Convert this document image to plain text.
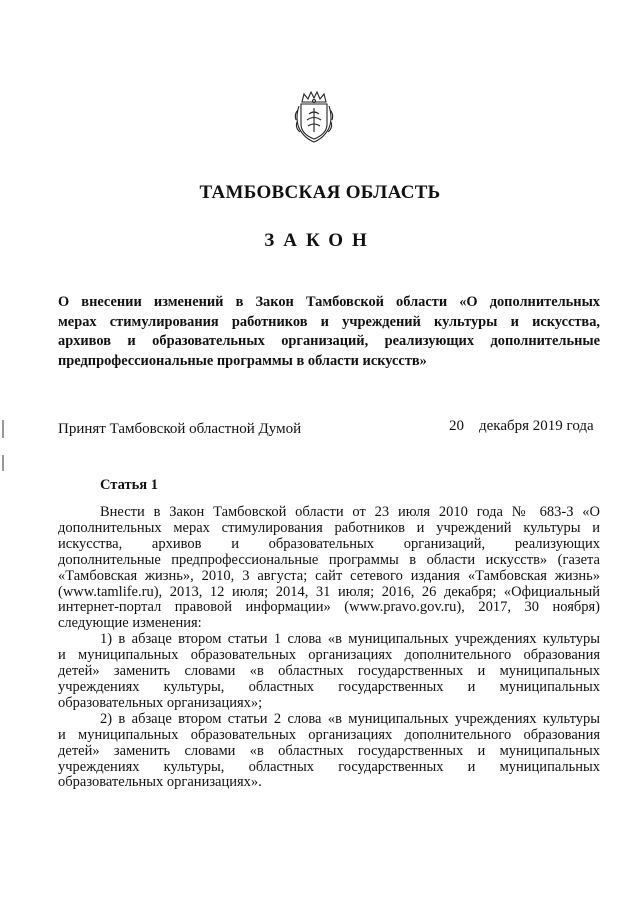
ТАМБОВСКАЯ ОБЛАСТЬ
ЗАКОН
О внесении изменений в Закон Тамбовской области «О дополнительных
мерах стимулирования работников и учреждений культуры и искусства,
архивов и образовательных организаций, реализующих дополнительные
предпрофессиональные программы в области искусств»
Принят Тамбовской областной Думой	20 декабря 2019 года
Статья 1
Внести в Закон Тамбовской области от 23 июля 2010 года № 683-З «О
дополнительных мерах стимулирования работников и учреждений культуры и
искусства, архивов и образовательных организаций, реализующих
дополнительные предпрофессиональные программы в области искусств» (газета
«Тамбовская жизнь», 2010, 3 августа; сайт сетевого издания «Тамбовская жизнь»
(www.tamlife.ru), 2013, 12 июля; 2014, 31 июля; 2016, 26 декабря; «Официальный
интернет-портал правовой информации» (www.pravo.gov.ru), 2017, 30 ноября)
следующие изменения:
1) в абзаце втором статьи 1 слова «в муниципальных учреждениях культуры
и муниципальных образовательных организациях дополнительного образования
детей» заменить словами «в областных государственных и муниципальных
учреждениях культуры, областных государственных и муниципальных
образовательных организациях»;
2) в абзаце втором статьи 2 слова «в муниципальных учреждениях культуры
и муниципальных образовательных организациях дополнительного образования
детей» заменить словами «в областных государственных и муниципальных
учреждениях культуры, областных государственных и муниципальных
образовательных организациях».
